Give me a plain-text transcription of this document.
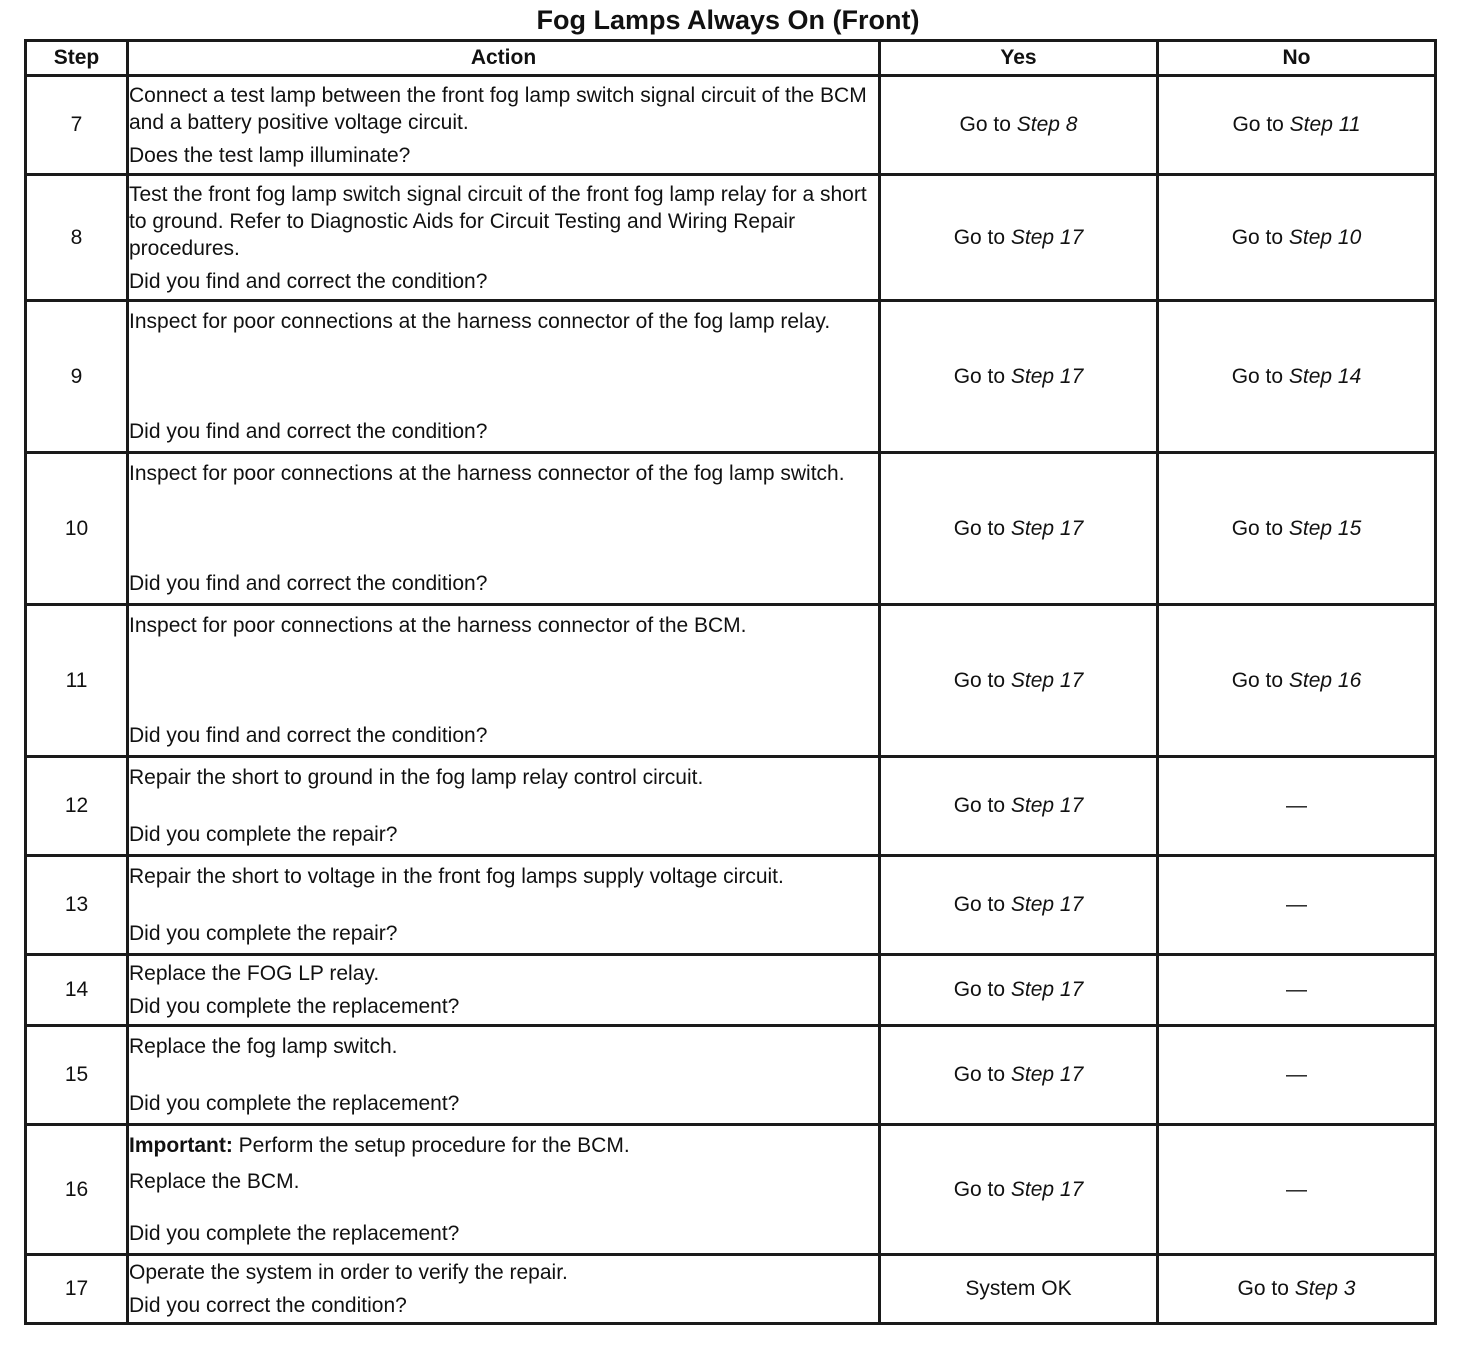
Fog Lamps Always On (Front)
Step	Action	Yes	No
7	Connect a test lamp between the front fog lamp switch signal circuit of the BCM and a battery positive voltage circuit.
Does the test lamp illuminate?	Go to Step 8	Go to Step 11
8	Test the front fog lamp switch signal circuit of the front fog lamp relay for a short to ground. Refer to Diagnostic Aids for Circuit Testing and Wiring Repair procedures.
Did you find and correct the condition?	Go to Step 17	Go to Step 10
9	Inspect for poor connections at the harness connector of the fog lamp relay.
Did you find and correct the condition?	Go to Step 17	Go to Step 14
10	Inspect for poor connections at the harness connector of the fog lamp switch.
Did you find and correct the condition?	Go to Step 17	Go to Step 15
11	Inspect for poor connections at the harness connector of the BCM.
Did you find and correct the condition?	Go to Step 17	Go to Step 16
12	Repair the short to ground in the fog lamp relay control circuit.
Did you complete the repair?	Go to Step 17	—
13	Repair the short to voltage in the front fog lamps supply voltage circuit.
Did you complete the repair?	Go to Step 17	—
14	Replace the FOG LP relay.
Did you complete the replacement?	Go to Step 17	—
15	Replace the fog lamp switch.
Did you complete the replacement?	Go to Step 17	—
16	Important: Perform the setup procedure for the BCM.
Replace the BCM.
Did you complete the replacement?	Go to Step 17	—
17	Operate the system in order to verify the repair.
Did you correct the condition?	System OK	Go to Step 3
